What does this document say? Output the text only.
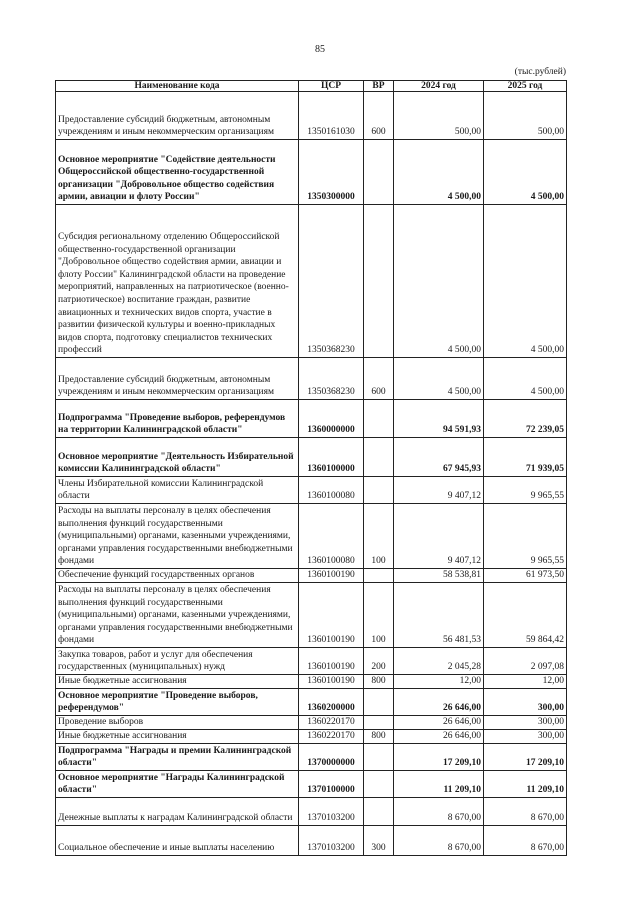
85
(тыс.рублей)
Наименование кода	ЦСР	ВР	2024 год	2025 год
Предоставление субсидий бюджетным, автономным учреждениям и иным некоммерческим организациям	1350161030	600	500,00	500,00
Основное мероприятие "Содействие деятельности Общероссийской общественно-государственной организации "Добровольное общество содействия армии, авиации и флоту России"	1350300000		4 500,00	4 500,00
Субсидия региональному отделению Общероссийской общественно-государственной организации "Добровольное общество содействия армии, авиации и флоту России" Калининградской области на проведение мероприятий, направленных на патриотическое (военно-патриотическое) воспитание граждан, развитие авиационных и технических видов спорта, участие в развитии физической культуры и военно-прикладных видов спорта, подготовку специалистов технических профессий	1350368230		4 500,00	4 500,00
Предоставление субсидий бюджетным, автономным учреждениям и иным некоммерческим организациям	1350368230	600	4 500,00	4 500,00
Подпрограмма "Проведение выборов, референдумов на территории Калининградской области"	1360000000		94 591,93	72 239,05
Основное мероприятие "Деятельность Избирательной комиссии Калининградской области"	1360100000		67 945,93	71 939,05
Члены Избирательной комиссии Калининградской области	1360100080		9 407,12	9 965,55
Расходы на выплаты персоналу в целях обеспечения выполнения функций государственными (муниципальными) органами, казенными учреждениями, органами управления государственными внебюджетными фондами	1360100080	100	9 407,12	9 965,55
Обеспечение функций государственных органов	1360100190		58 538,81	61 973,50
Расходы на выплаты персоналу в целях обеспечения выполнения функций государственными (муниципальными) органами, казенными учреждениями, органами управления государственными внебюджетными фондами	1360100190	100	56 481,53	59 864,42
Закупка товаров, работ и услуг для обеспечения государственных (муниципальных) нужд	1360100190	200	2 045,28	2 097,08
Иные бюджетные ассигнования	1360100190	800	12,00	12,00
Основное мероприятие "Проведение выборов, референдумов"	1360200000		26 646,00	300,00
Проведение выборов	1360220170		26 646,00	300,00
Иные бюджетные ассигнования	1360220170	800	26 646,00	300,00
Подпрограмма "Награды и премии Калининградской области"	1370000000		17 209,10	17 209,10
Основное мероприятие "Награды Калининградской области"	1370100000		11 209,10	11 209,10
Денежные выплаты к наградам Калининградской области	1370103200		8 670,00	8 670,00
Социальное обеспечение и иные выплаты населению	1370103200	300	8 670,00	8 670,00
